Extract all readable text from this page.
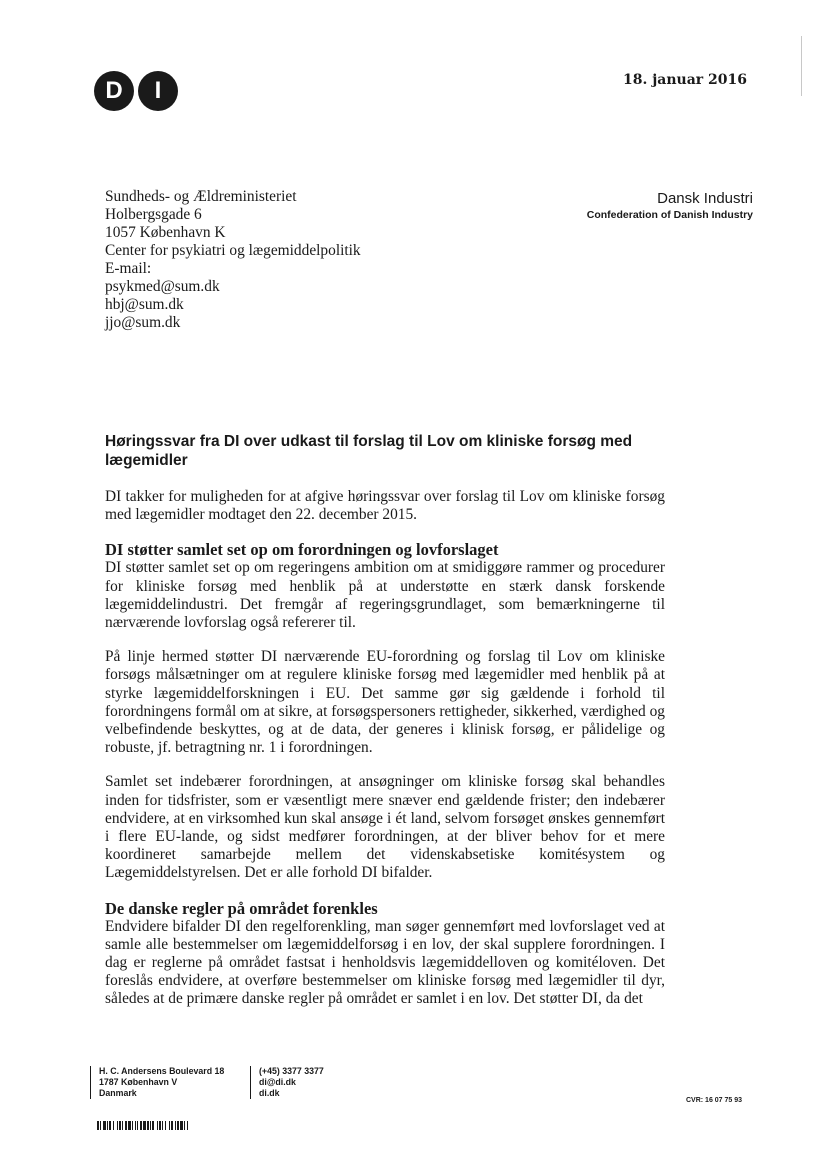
D	I	18. januar 2016
Sundheds- og Ældreministeriet
Holbergsgade 6
1057 København K
Center for psykiatri og lægemiddelpolitik
E-mail:
psykmed@sum.dk
hbj@sum.dk
jjo@sum.dk
Dansk Industri
Confederation of Danish Industry
Høringssvar fra DI over udkast til forslag til Lov om kliniske forsøg med lægemidler

DI takker for muligheden for at afgive høringssvar over forslag til Lov om kliniske forsøg med lægemidler modtaget den 22. december 2015.

DI støtter samlet set op om forordningen og lovforslaget

DI støtter samlet set op om regeringens ambition om at smidiggøre rammer og procedurer for kliniske forsøg med henblik på at understøtte en stærk dansk forskende lægemiddelindustri. Det fremgår af regeringsgrundlaget, som bemærkningerne til nærværende lovforslag også refererer til.

På linje hermed støtter DI nærværende EU-forordning og forslag til Lov om kliniske forsøgs målsætninger om at regulere kliniske forsøg med lægemidler med henblik på at styrke lægemiddelforskningen i EU. Det samme gør sig gældende i forhold til forordningens formål om at sikre, at forsøgspersoners rettigheder, sikkerhed, værdighed og velbefindende beskyttes, og at de data, der generes i klinisk forsøg, er pålidelige og robuste, jf. betragtning nr. 1 i forordningen.

Samlet set indebærer forordningen, at ansøgninger om kliniske forsøg skal behandles inden for tidsfrister, som er væsentligt mere snæver end gældende frister; den indebærer endvidere, at en virksomhed kun skal ansøge i ét land, selvom forsøget ønskes gennemført i flere EU-lande, og sidst medfører forordningen, at der bliver behov for et mere koordineret samarbejde mellem det videnskabsetiske komitésystem og Lægemiddelstyrelsen. Det er alle forhold DI bifalder.

De danske regler på området forenkles

Endvidere bifalder DI den regelforenkling, man søger gennemført med lovforslaget ved at samle alle bestemmelser om lægemiddelforsøg i en lov, der skal supplere forordningen. I dag er reglerne på området fastsat i henholdsvis lægemiddelloven og komitéloven. Det foreslås endvidere, at overføre bestemmelser om kliniske forsøg med lægemidler til dyr, således at de primære danske regler på området er samlet i en lov. Det støtter DI, da det

H. C. Andersens Boulevard 18
1787 København V
Danmark
(+45) 3377 3377
di@di.dk
di.dk
CVR: 16 07 75 93
